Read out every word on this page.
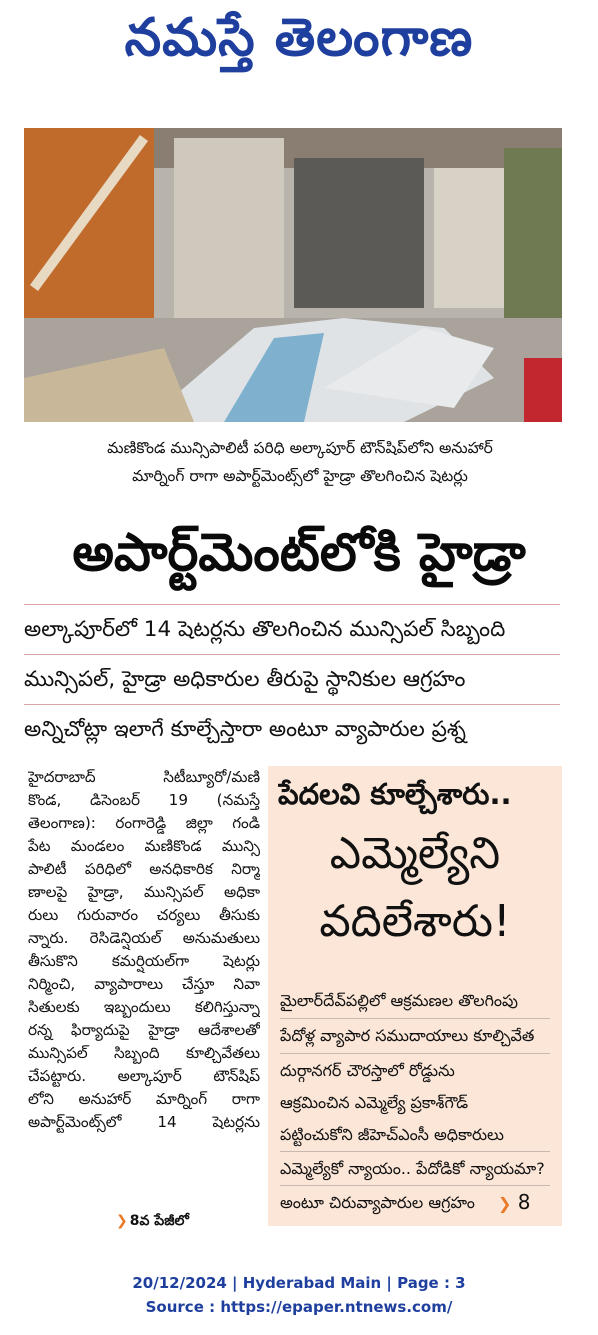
నమస్తే తెలంగాణ
మణికొండ మున్సిపాలిటీ పరిధి అల్కాపూర్ టౌన్‌షిప్‌లోని అనుహార్
మార్నింగ్ రాగా అపార్ట్‌మెంట్స్‌లో హైడ్రా తొలగించిన షెటర్లు
అపార్ట్‌మెంట్‌లోకి హైడ్రా
అల్కాపూర్‌లో 14 షెటర్లను తొలగించిన మున్సిపల్ సిబ్బంది
మున్సిపల్, హైడ్రా అధికారుల తీరుపై స్థానికుల ఆగ్రహం
అన్నిచోట్లా ఇలాగే కూల్చేస్తారా అంటూ వ్యాపారుల ప్రశ్న
హైదరాబాద్ సిటీబ్యూరో/మణి
కొండ, డిసెంబర్ 19 (నమస్తే
తెలంగాణ): రంగారెడ్డి జిల్లా గండి
పేట మండలం మణికొండ మున్సి
పాలిటీ పరిధిలో అనధికారిక నిర్మా
ణాలపై హైడ్రా, మున్సిపల్ అధికా
రులు గురువారం చర్యలు తీసుకు
న్నారు. రెసిడెన్షియల్ అనుమతులు
తీసుకొని కమర్షియల్‌గా షెటర్లు
నిర్మించి, వ్యాపారాలు చేస్తూ నివా
సితులకు ఇబ్బందులు కలిగిస్తున్నా
రన్న ఫిర్యాదుపై హైడ్రా ఆదేశాలతో
మున్సిపల్ సిబ్బంది కూల్చివేతలు
చేపట్టారు. అల్కాపూర్ టౌన్‌షిప్
లోని అనుహార్ మార్నింగ్ రాగా
అపార్ట్‌మెంట్స్‌లో 14 షెటర్లను
❯ 8వ పేజీలో
పేదలవి కూల్చేశారు..
ఎమ్మెల్యేని
వదిలేశారు!
మైలార్‌దేవ్‌పల్లిలో ఆక్రమణల తొలగింపు
పేదోళ్ల వ్యాపార సముదాయాలు కూల్చివేత
దుర్గానగర్ చౌరస్తాలో రోడ్డును
ఆక్రమించిన ఎమ్మెల్యే ప్రకాశ్‌గౌడ్
పట్టించుకోని జీహెచ్‌ఎంసీ అధికారులు
ఎమ్మెల్యేకో న్యాయం.. పేదోడికో న్యాయమా?
అంటూ చిరువ్యాపారుల ఆగ్రహం	❯ 8
20/12/2024 | Hyderabad Main | Page : 3
Source : https://epaper.ntnews.com/
